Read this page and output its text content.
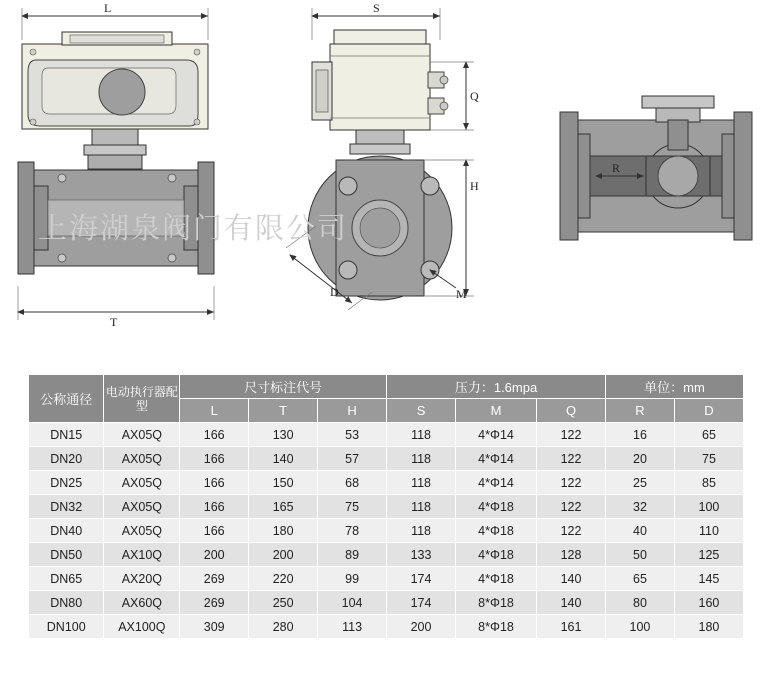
L
T
S
Q
H
D	M
R
上海湖泉阀门有限公司
公称通径	电动执行器配型	尺寸标注代号			压力：1.6mpa			单位：mm	
		L	T	H	S	M	Q	R	D
DN15	AX05Q	166	130	53	118	4*Φ14	122	16	65
DN20	AX05Q	166	140	57	118	4*Φ14	122	20	75
DN25	AX05Q	166	150	68	118	4*Φ14	122	25	85
DN32	AX05Q	166	165	75	118	4*Φ18	122	32	100
DN40	AX05Q	166	180	78	118	4*Φ18	122	40	110
DN50	AX10Q	200	200	89	133	4*Φ18	128	50	125
DN65	AX20Q	269	220	99	174	4*Φ18	140	65	145
DN80	AX60Q	269	250	104	174	8*Φ18	140	80	160
DN100	AX100Q	309	280	113	200	8*Φ18	161	100	180
